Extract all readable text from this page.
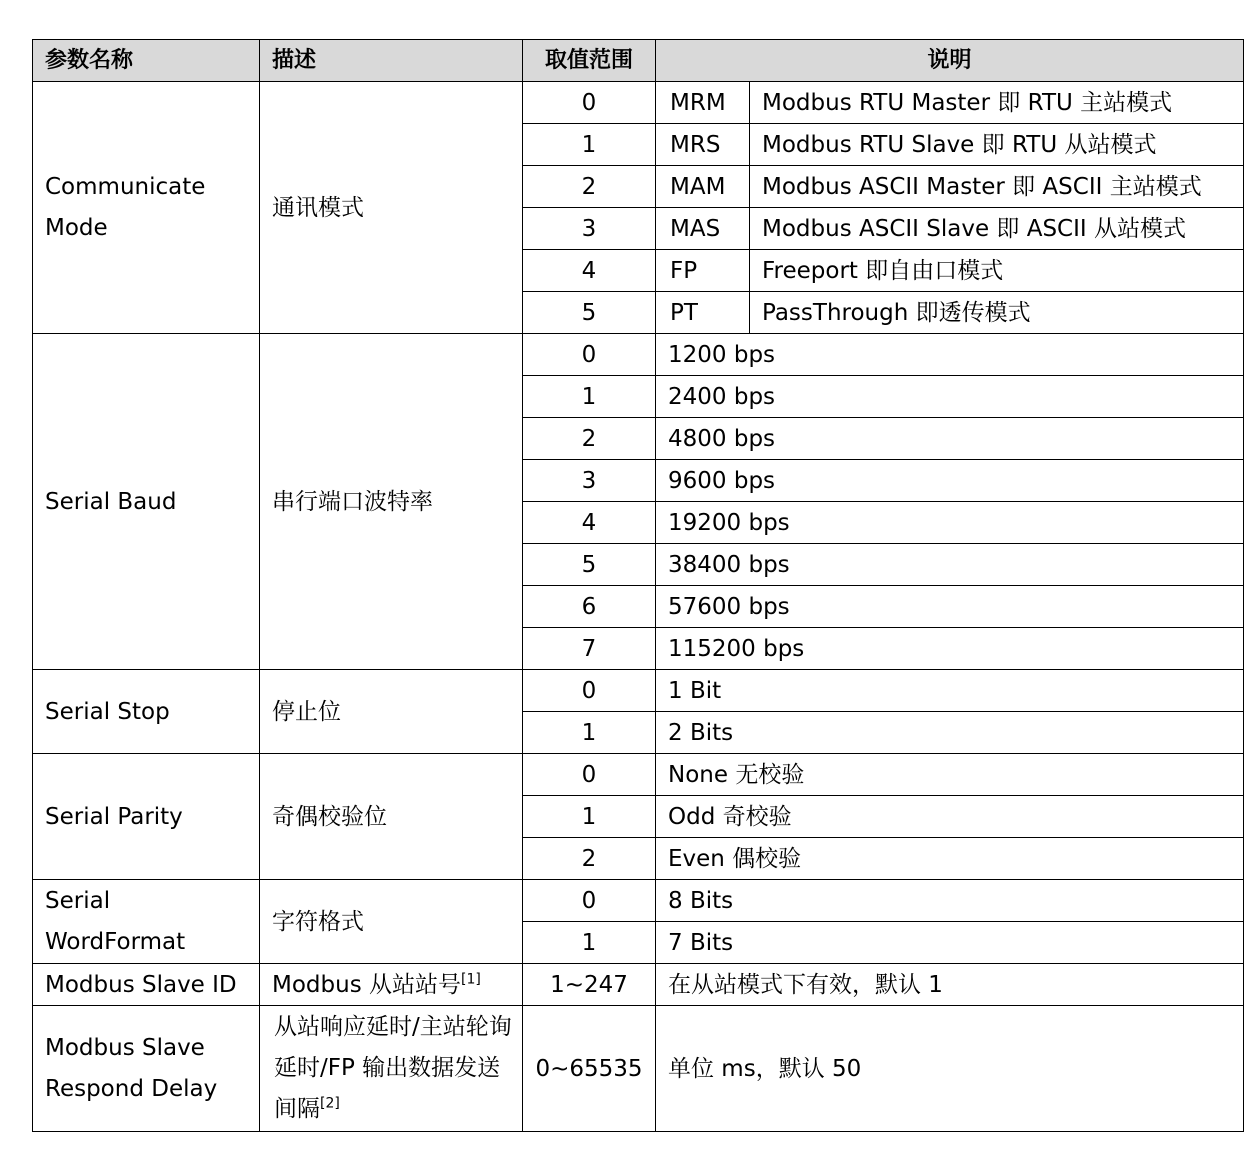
参数名称	描述	取值范围	说明	
Communicate Mode	通讯模式	0	MRM	Modbus RTU Master 即 RTU 主站模式
		1	MRS	Modbus RTU Slave 即 RTU 从站模式
		2	MAM	Modbus ASCII Master 即 ASCII 主站模式
		3	MAS	Modbus ASCII Slave 即 ASCII 从站模式
		4	FP	Freeport 即自由口模式
		5	PT	PassThrough 即透传模式
Serial Baud	串行端口波特率	0	1200 bps	
		1	2400 bps	
		2	4800 bps	
		3	9600 bps	
		4	19200 bps	
		5	38400 bps	
		6	57600 bps	
		7	115200 bps	
Serial Stop	停止位	0	1 Bit	
		1	2 Bits	
Serial Parity	奇偶校验位	0	None 无校验	
		1	Odd 奇校验	
		2	Even 偶校验	
Serial WordFormat	字符格式	0	8 Bits	
		1	7 Bits	
Modbus Slave ID	Modbus 从站站号[1]	1~247	在从站模式下有效，默认 1	
Modbus Slave Respond Delay	从站响应延时/主站轮询延时/FP 输出数据发送间隔[2]	0~65535	单位 ms，默认 50	
